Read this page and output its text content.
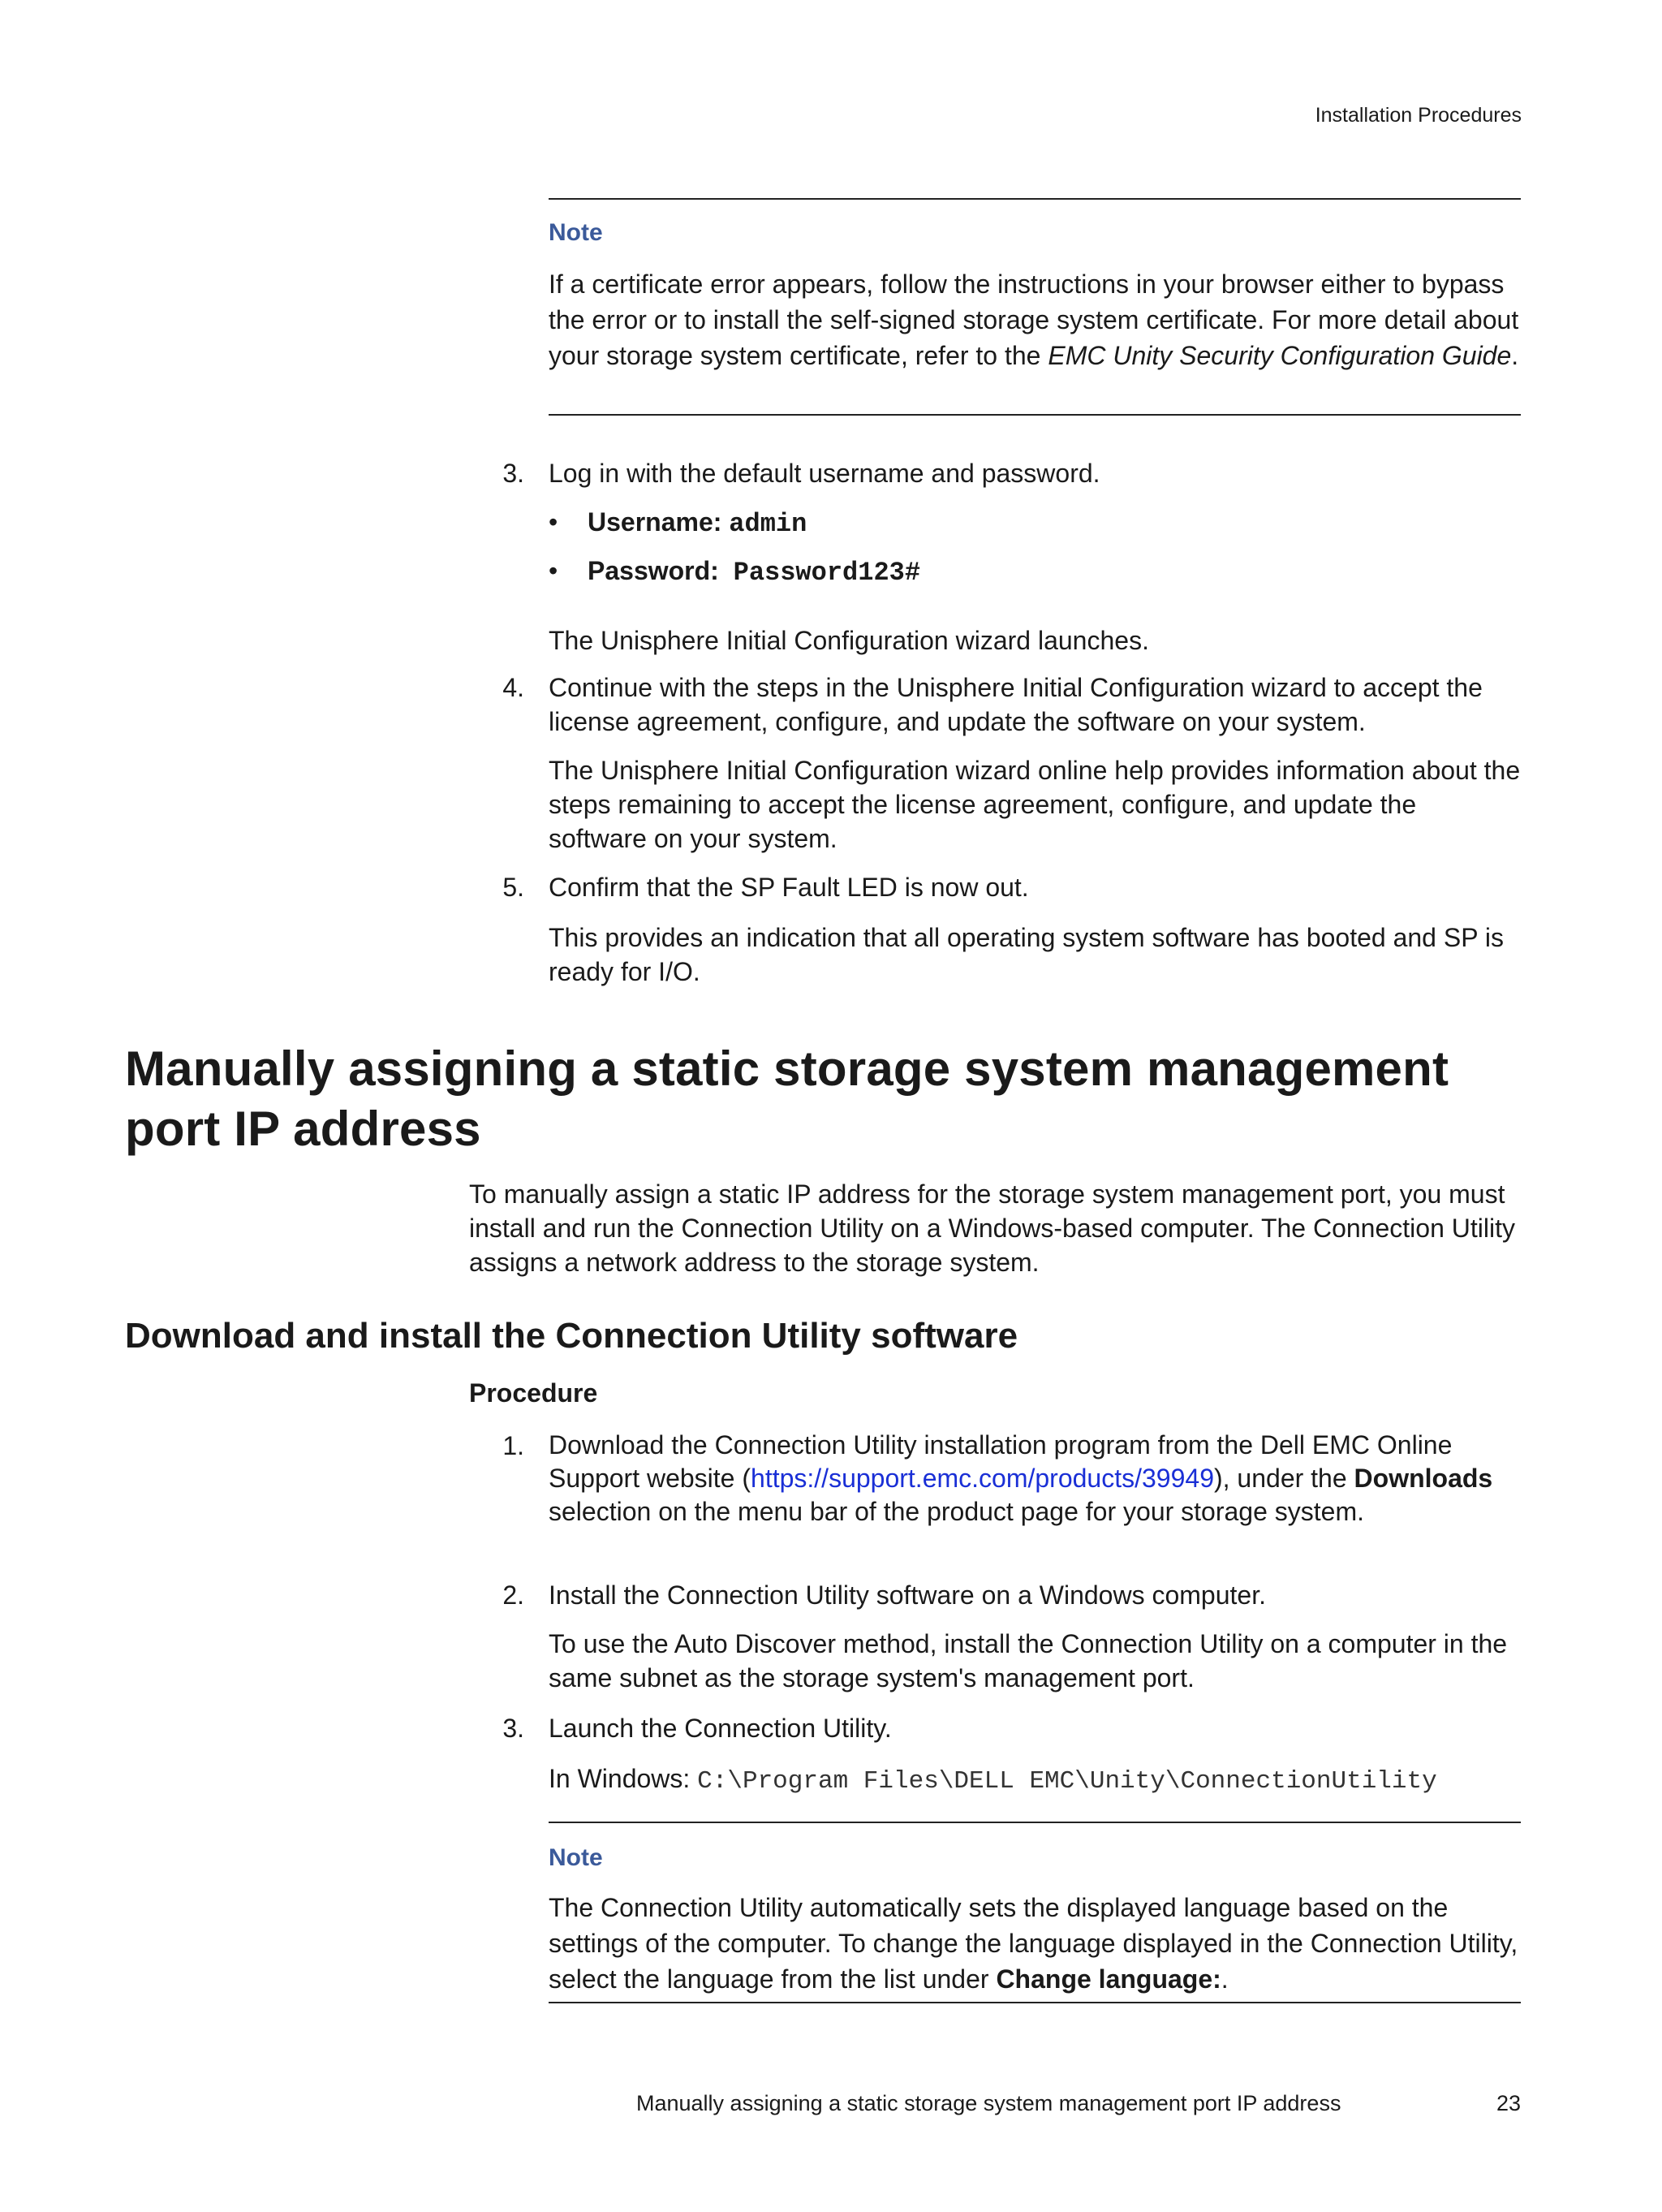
Installation Procedures
Note
If a certificate error appears, follow the instructions in your browser either to bypass the error or to install the self-signed storage system certificate. For more detail about your storage system certificate, refer to the EMC Unity Security Configuration Guide.
3. Log in with the default username and password.
• Username: admin
• Password: Password123#
The Unisphere Initial Configuration wizard launches.
4. Continue with the steps in the Unisphere Initial Configuration wizard to accept the license agreement, configure, and update the software on your system.
The Unisphere Initial Configuration wizard online help provides information about the steps remaining to accept the license agreement, configure, and update the software on your system.
5. Confirm that the SP Fault LED is now out.
This provides an indication that all operating system software has booted and SP is ready for I/O.
Manually assigning a static storage system management port IP address
To manually assign a static IP address for the storage system management port, you must install and run the Connection Utility on a Windows-based computer. The Connection Utility assigns a network address to the storage system.
Download and install the Connection Utility software
Procedure
1. Download the Connection Utility installation program from the Dell EMC Online Support website (https://support.emc.com/products/39949), under the Downloads selection on the menu bar of the product page for your storage system.
2. Install the Connection Utility software on a Windows computer.
To use the Auto Discover method, install the Connection Utility on a computer in the same subnet as the storage system's management port.
3. Launch the Connection Utility.
In Windows: C:\Program Files\DELL EMC\Unity\ConnectionUtility
Note
The Connection Utility automatically sets the displayed language based on the settings of the computer. To change the language displayed in the Connection Utility, select the language from the list under Change language:.
Manually assigning a static storage system management port IP address	23
